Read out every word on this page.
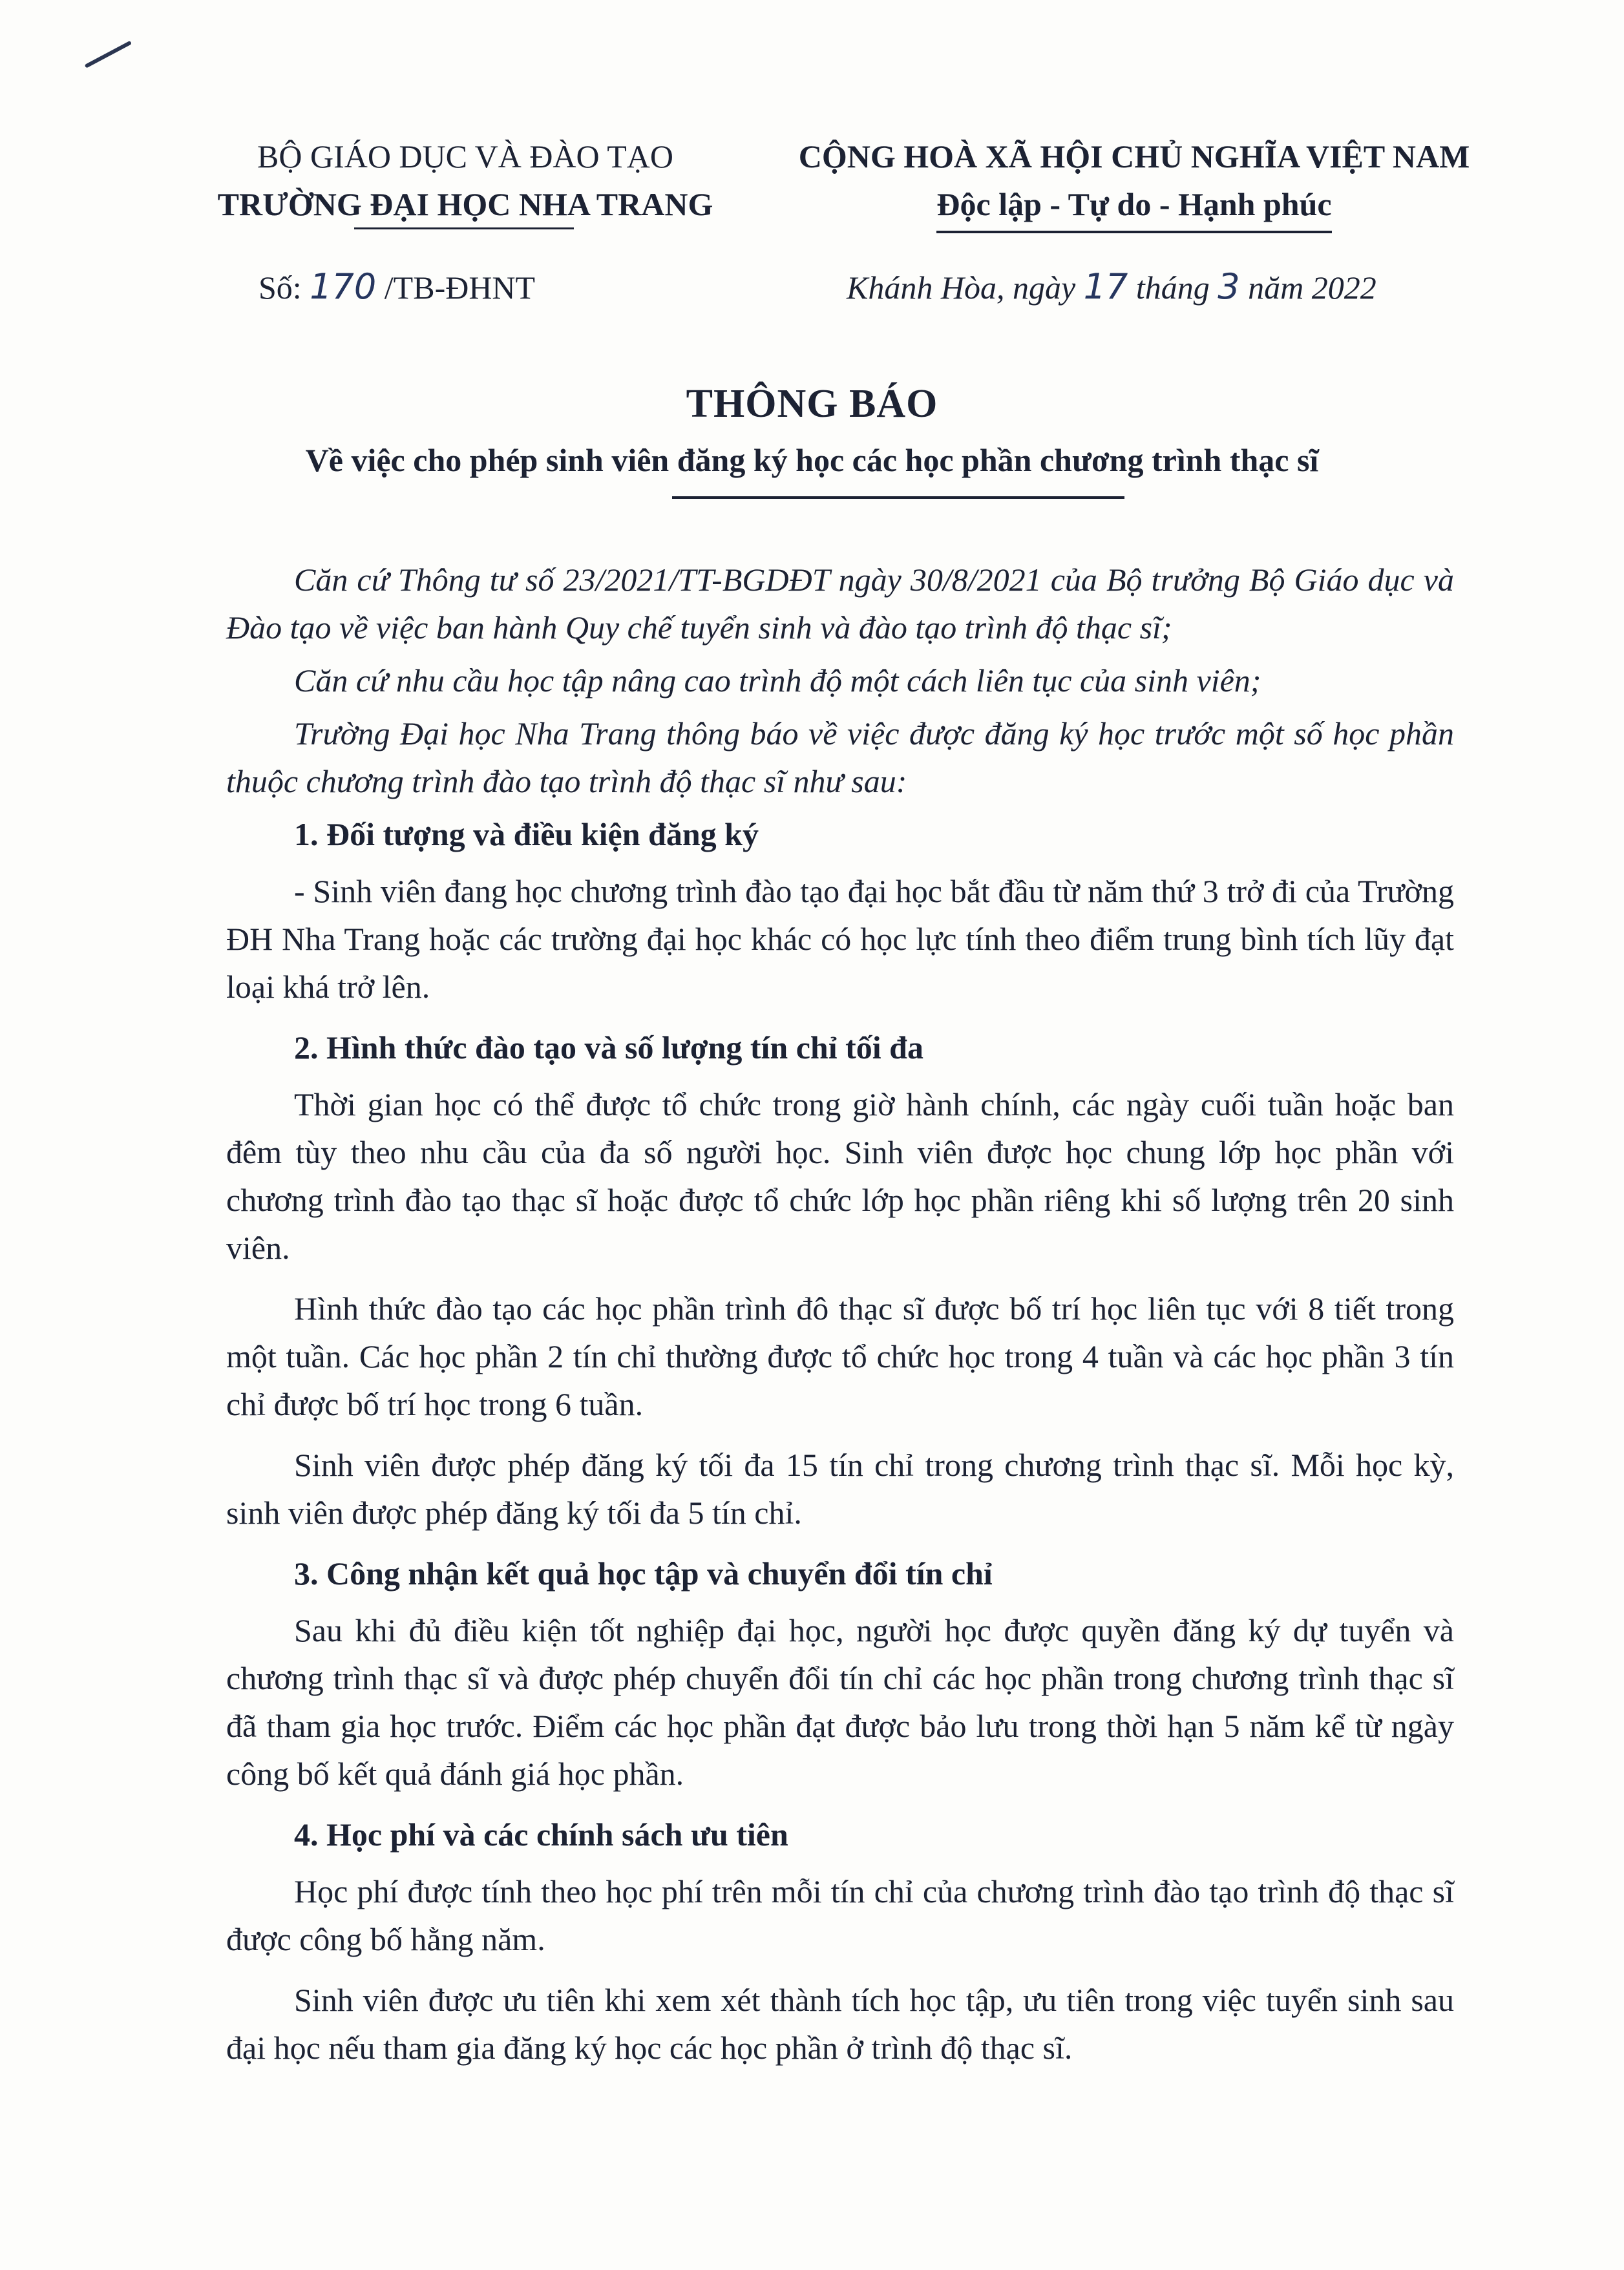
BỘ GIÁO DỤC VÀ ĐÀO TẠO
TRƯỜNG ĐẠI HỌC NHA TRANG
CỘNG HOÀ XÃ HỘI CHỦ NGHĨA VIỆT NAM
Độc lập - Tự do - Hạnh phúc
Số: 170 /TB-ĐHNT	Khánh Hòa, ngày 17 tháng 3 năm 2022
THÔNG BÁO
Về việc cho phép sinh viên đăng ký học các học phần chương trình thạc sĩ

Căn cứ Thông tư số 23/2021/TT-BGDĐT ngày 30/8/2021 của Bộ trưởng Bộ Giáo dục và Đào tạo về việc ban hành Quy chế tuyển sinh và đào tạo trình độ thạc sĩ;

Căn cứ nhu cầu học tập nâng cao trình độ một cách liên tục của sinh viên;

Trường Đại học Nha Trang thông báo về việc được đăng ký học trước một số học phần thuộc chương trình đào tạo trình độ thạc sĩ như sau:

1. Đối tượng và điều kiện đăng ký

- Sinh viên đang học chương trình đào tạo đại học bắt đầu từ năm thứ 3 trở đi của Trường ĐH Nha Trang hoặc các trường đại học khác có học lực tính theo điểm trung bình tích lũy đạt loại khá trở lên.

2. Hình thức đào tạo và số lượng tín chỉ tối đa

Thời gian học có thể được tổ chức trong giờ hành chính, các ngày cuối tuần hoặc ban đêm tùy theo nhu cầu của đa số người học. Sinh viên được học chung lớp học phần với chương trình đào tạo thạc sĩ hoặc được tổ chức lớp học phần riêng khi số lượng trên 20 sinh viên.

Hình thức đào tạo các học phần trình đô thạc sĩ được bố trí học liên tục với 8 tiết trong một tuần. Các học phần 2 tín chỉ thường được tổ chức học trong 4 tuần và các học phần 3 tín chỉ được bố trí học trong 6 tuần.

Sinh viên được phép đăng ký tối đa 15 tín chỉ trong chương trình thạc sĩ. Mỗi học kỳ, sinh viên được phép đăng ký tối đa 5 tín chỉ.

3. Công nhận kết quả học tập và chuyển đổi tín chỉ

Sau khi đủ điều kiện tốt nghiệp đại học, người học được quyền đăng ký dự tuyển và chương trình thạc sĩ và được phép chuyển đổi tín chỉ các học phần trong chương trình thạc sĩ đã tham gia học trước. Điểm các học phần đạt được bảo lưu trong thời hạn 5 năm kể từ ngày công bố kết quả đánh giá học phần.

4. Học phí và các chính sách ưu tiên

Học phí được tính theo học phí trên mỗi tín chỉ của chương trình đào tạo trình độ thạc sĩ được công bố hằng năm.

Sinh viên được ưu tiên khi xem xét thành tích học tập, ưu tiên trong việc tuyển sinh sau đại học nếu tham gia đăng ký học các học phần ở trình độ thạc sĩ.
